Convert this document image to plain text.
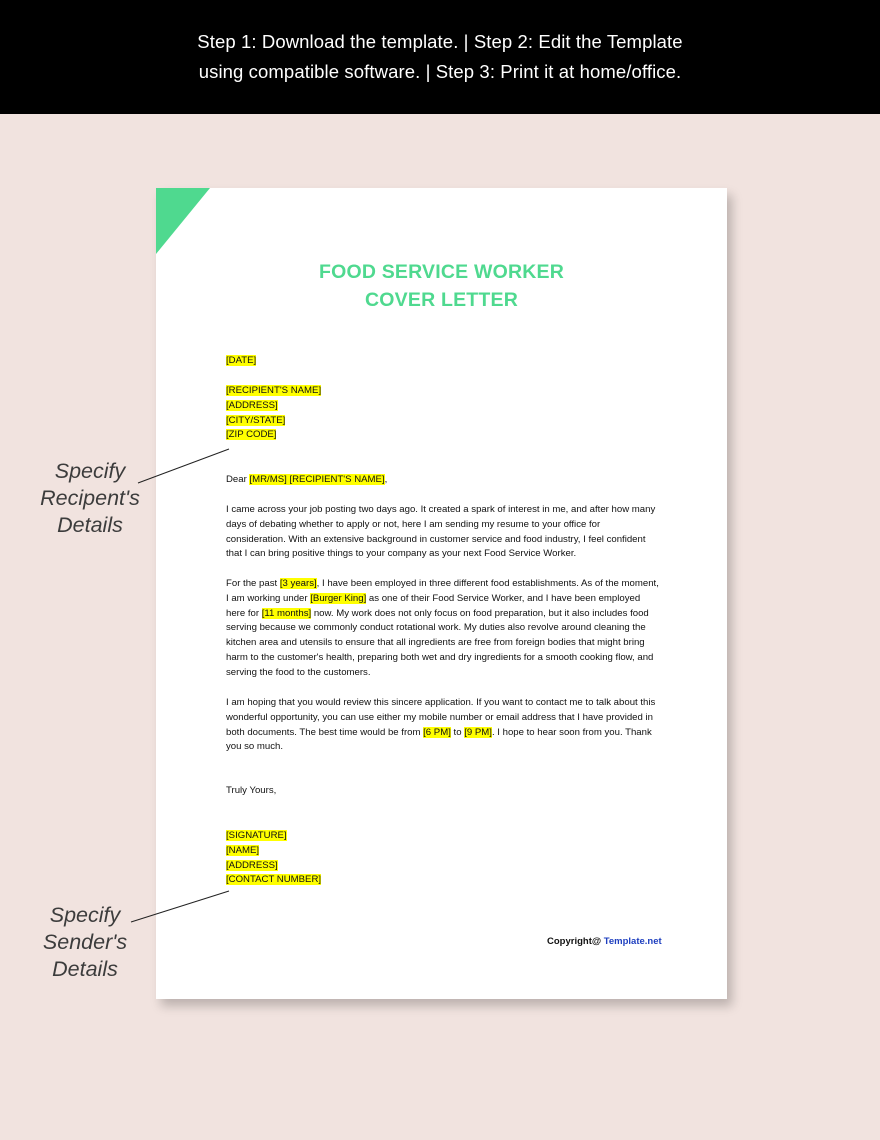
Step 1: Download the template. | Step 2: Edit the Template
using compatible software. | Step 3: Print it at home/office.
FOOD SERVICE WORKER
COVER LETTER
[DATE]
[RECIPIENT'S NAME]
[ADDRESS]
[CITY/STATE]
[ZIP CODE]
Dear [MR/MS] [RECIPIENT'S NAME],
I came across your job posting two days ago. It created a spark of interest in me, and after how many days of debating whether to apply or not, here I am sending my resume to your office for consideration. With an extensive background in customer service and food industry, I feel confident that I can bring positive things to your company as your next Food Service Worker.
For the past [3 years], I have been employed in three different food establishments. As of the moment, I am working under [Burger King] as one of their Food Service Worker, and I have been employed here for [11 months] now. My work does not only focus on food preparation, but it also includes food serving because we commonly conduct rotational work. My duties also revolve around cleaning the kitchen area and utensils to ensure that all ingredients are free from foreign bodies that might bring harm to the customer's health, preparing both wet and dry ingredients for a smooth cooking flow, and serving the food to the customers.
I am hoping that you would review this sincere application. If you want to contact me to talk about this wonderful opportunity, you can use either my mobile number or email address that I have provided in both documents. The best time would be from [6 PM] to [9 PM]. I hope to hear soon from you. Thank you so much.
Truly Yours,
[SIGNATURE]
[NAME]
[ADDRESS]
[CONTACT NUMBER]
Copyright@ Template.net
Specify
Recipent's
Details
Specify
Sender's
Details
